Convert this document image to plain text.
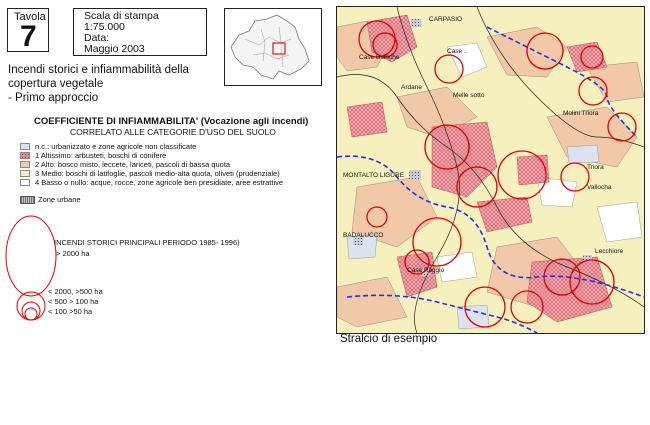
Tavola
7
Scala di stampa
1:75.000
Data:
Maggio 2003
Incendi storici e infiammabilità della
copertura vegetale
- Primo approccio
COEFFICIENTE DI INFIAMMABILITA' (Vocazione agli incendi)
CORRELATO ALLE CATEGORIE D'USO DEL SUOLO
n.c.: urbanizzato e zone agricole non classificate
1 Altissimo: arbusteti, boschi di conifere
2 Alto: bosco misto, leccete, lariceti, pascoli di bassa quota
3 Medio: boschi di latifoglie, pascoli medio-alta quota, oliveti (prudenziale)
4 Basso o nullo: acque, rocce, zone agricole ben presidiate, aree estrattive
Zone urbane
INCENDI STORICI PRINCIPALI PERIODO 1985- 1996)
> 2000 ha
< 2000, >500 ha
< 500 > 100 ha
< 100 >50 ha
CARPASIO
Case Bianche
Case ..
Ardane
Melle sotto
Molini Triora
Triora
MONTALTO LIGURE
Vallocha
BADALUCCO
Lecchiore
Case Paggio
Stralcio di esempio
